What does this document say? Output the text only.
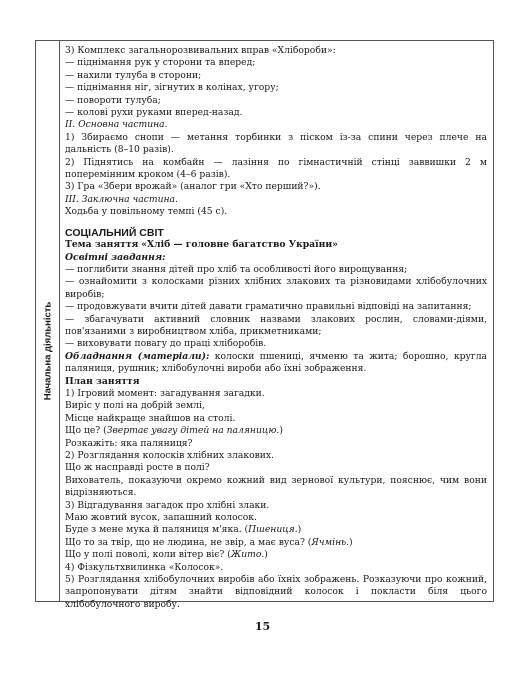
Начальна діяльність

3) Комплекс загальнорозвивальних вправ «Хлібороби»:

— піднімання рук у сторони та вперед;

— нахили тулуба в сторони;

— піднімання ніг, зігнутих в колінах, угору;

— повороти тулуба;

— колові рухи руками вперед-назад.

II. Основна частина.

1) Збираємо снопи — метання торбинки з піском із-за спини через плече на дальність (8–10 разів).

2) Піднятись на комбайн — лазіння по гімнастичній стінці заввишки 2 м поперемінним кроком (4–6 разів).

3) Гра «Збери врожай» (аналог гри «Хто перший?»).

III. Заключна частина.

Ходьба у повільному темпі (45 с).

СОЦІАЛЬНИЙ СВІТ

Тема заняття «Хліб — головне багатство України»

Освітні завдання:

— поглибити знання дітей про хліб та особливості його вирощування;

— ознайомити з колосками різних хлібних злакових та різновидами хлібобулочних виробів;

— продовжувати вчити дітей давати граматично правильні відповіді на запитання;

— збагачувати активний словник назвами злакових рослин, словами-діями, пов'язаними з виробництвом хліба, прикметниками;

— виховувати повагу до праці хліборобів.

Обладнання (матеріали): колоски пшениці, ячменю та жита; борошно, кругла паляниця, рушник; хлібобулочні вироби або їхні зображення.

План заняття

1) Ігровий момент: загадування загадки.

Виріс у полі на добрій землі,

Місце найкраще знайшов на столі.

Що це? (Звертає увагу дітей на паляницю.)

Розкажіть: яка паляниця?

2) Розглядання колосків хлібних злакових.

Що ж насправді росте в полі?

Вихователь, показуючи окремо кожний вид зернової культури, пояснює, чим вони відрізняються.

3) Відгадування загадок про хлібні злаки.

Маю жовтий вусок, запашний колосок.

Буде з мене мука й паляниця м'яка. (Пшениця.)

Що то за твір, що не людина, не звір, а має вуса? (Ячмінь.)

Що у полі поволі, коли вітер віє? (Жито.)

4) Фізкультхвилинка «Колосок».

5) Розглядання хлібобулочних виробів або їхніх зображень. Розказуючи про кожний, запропонувати дітям знайти відповідний колосок і покласти біля цього хлібобулочного виробу.

15
